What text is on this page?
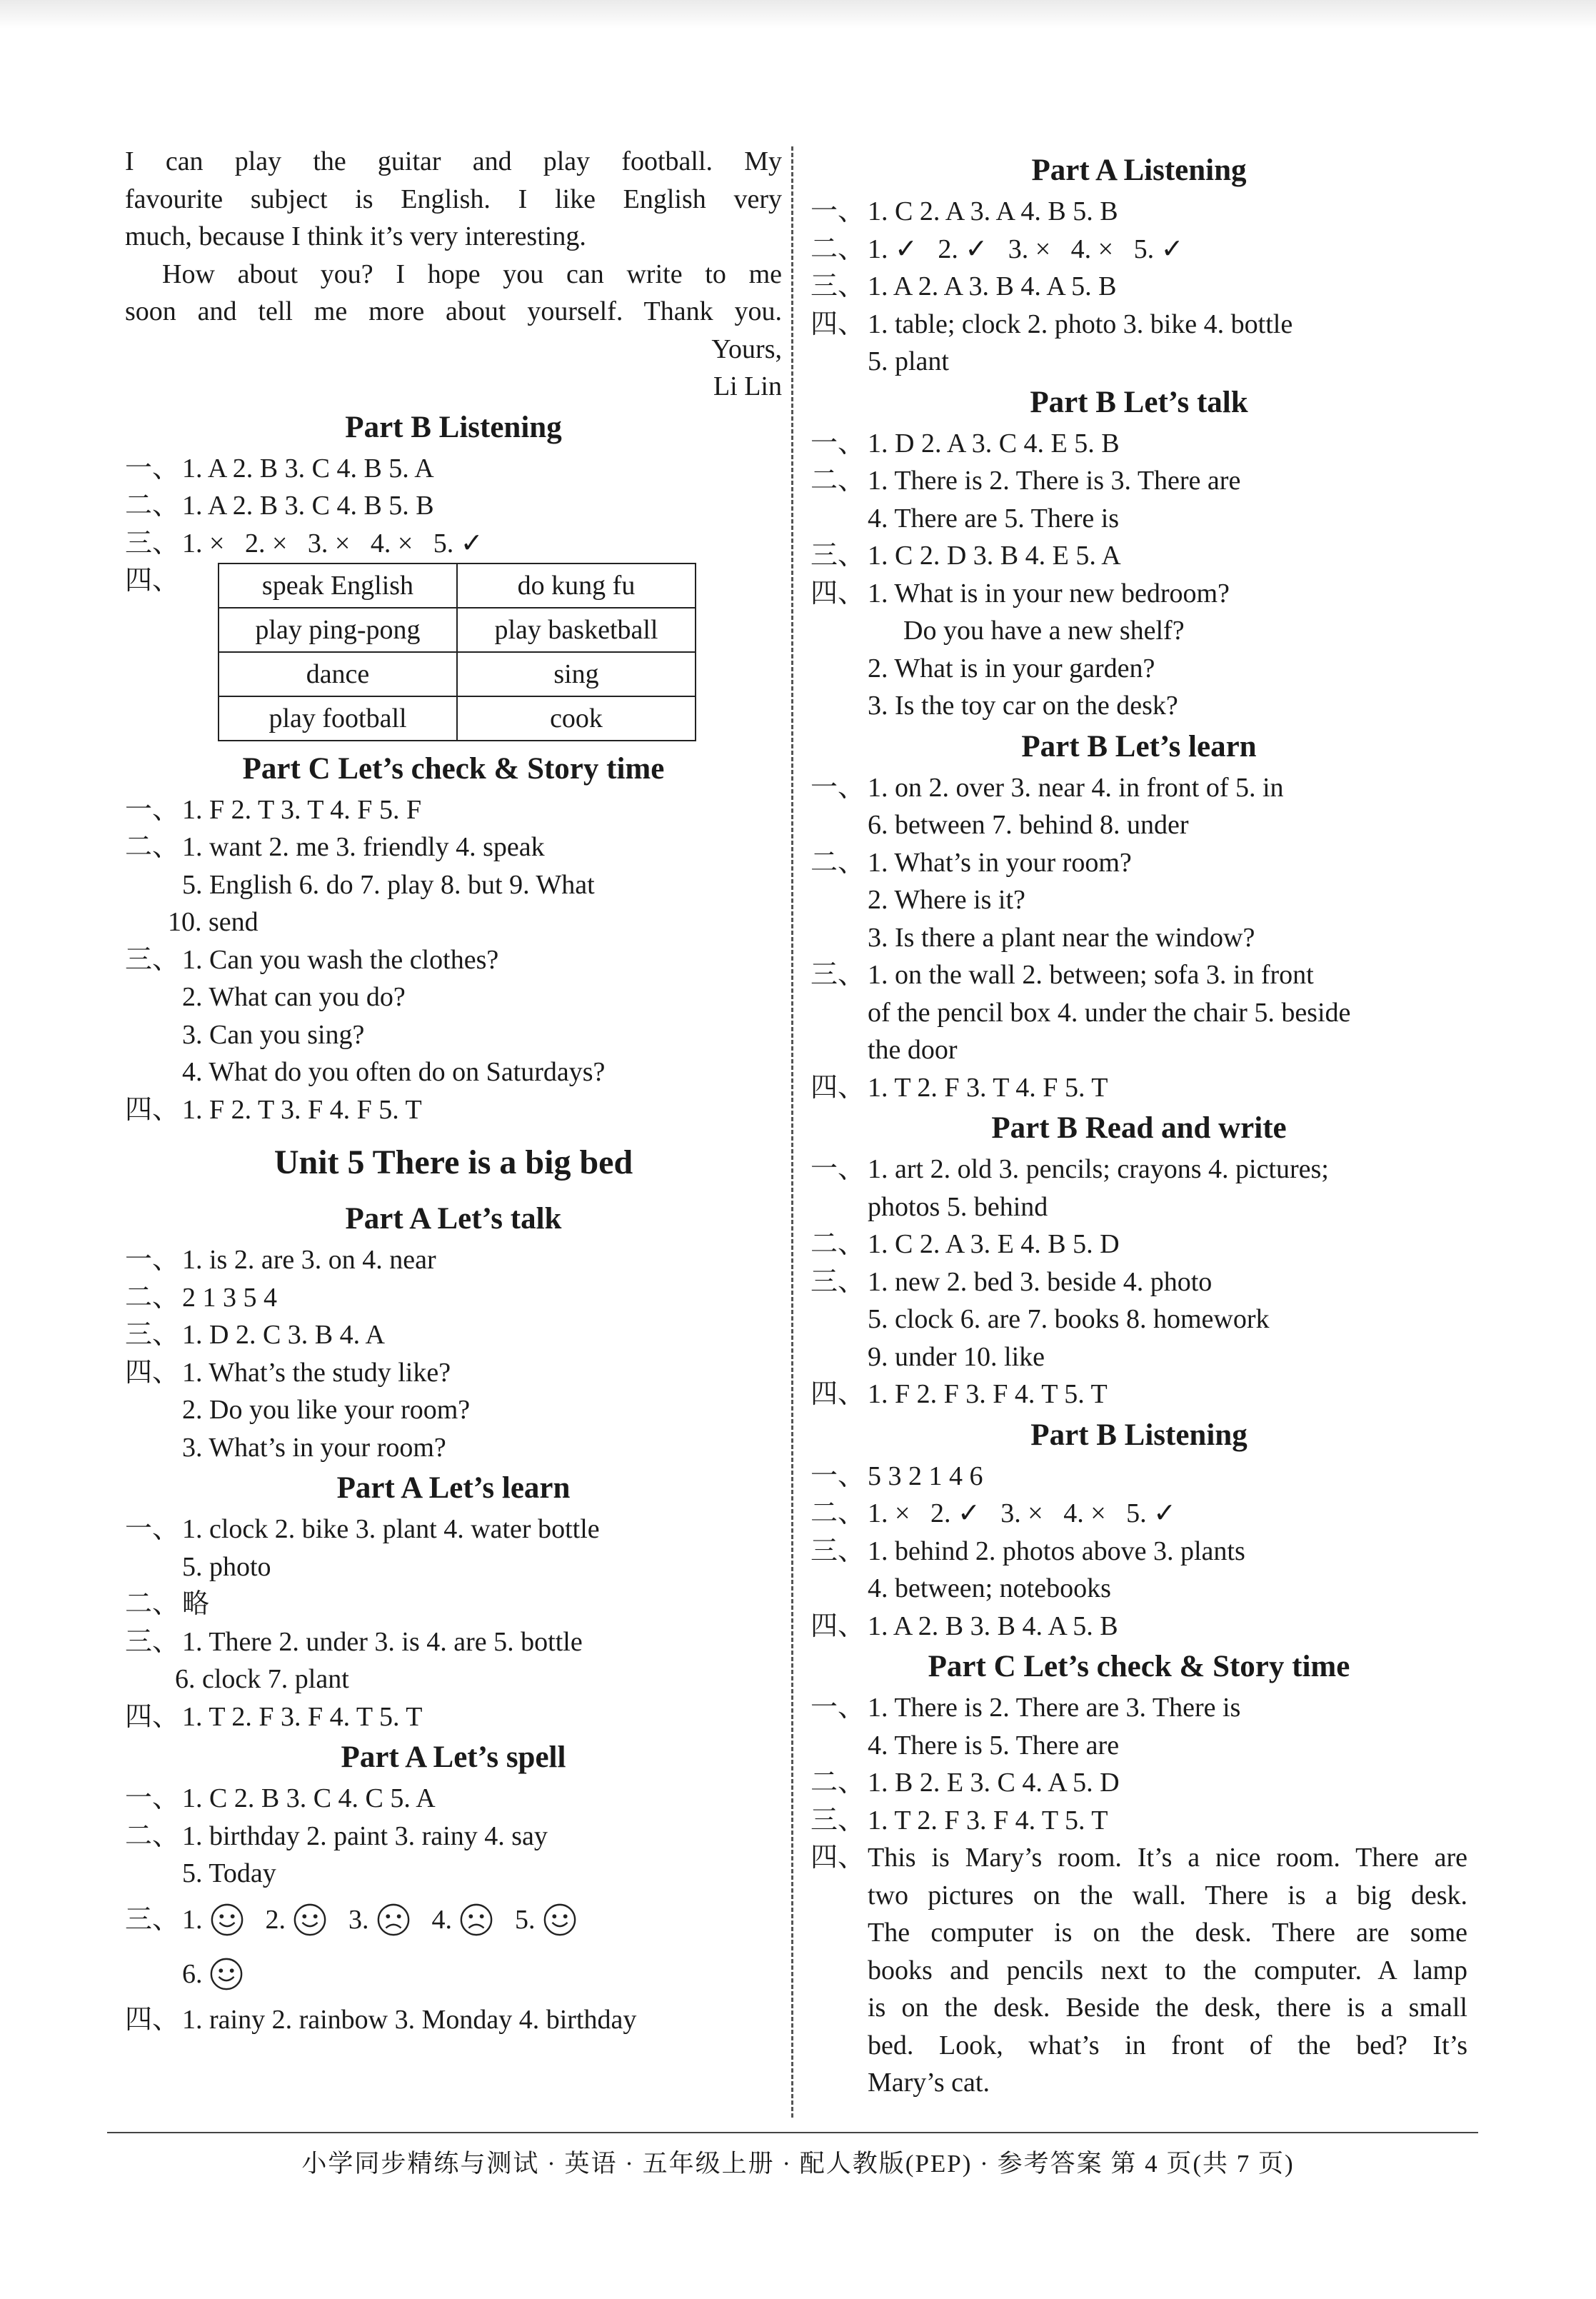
I can play the guitar and play football. My
favourite subject is English. I like English very
much, because I think it’s very interesting.
How about you? I hope you can write to me
soon and tell me more about yourself. Thank you.
Yours,
Li Lin
Part B Listening
一、 1. A 2. B 3. C 4. B 5. A
二、 1. A 2. B 3. C 4. B 5. B
三、 1. × 2. × 3. × 4. × 5. ✓
四、	speak English	do kung fu
play ping-pong	play basketball
dance	sing
play football	cook
Part C Let’s check & Story time
一、 1. F 2. T 3. T 4. F 5. F
二、 1. want 2. me 3. friendly 4. speak
5. English 6. do 7. play 8. but 9. What
10. send
三、 1. Can you wash the clothes?
2. What can you do?
3. Can you sing?
4. What do you often do on Saturdays?
四、 1. F 2. T 3. F 4. F 5. T
Unit 5 There is a big bed
Part A Let’s talk
一、 1. is 2. are 3. on 4. near
二、 2 1 3 5 4
三、 1. D 2. C 3. B 4. A
四、 1. What’s the study like?
2. Do you like your room?
3. What’s in your room?
Part A Let’s learn
一、 1. clock 2. bike 3. plant 4. water bottle
5. photo
二、 略
三、 1. There 2. under 3. is 4. are 5. bottle
6. clock 7. plant
四、 1. T 2. F 3. F 4. T 5. T
Part A Let’s spell
一、 1. C 2. B 3. C 4. C 5. A
二、 1. birthday 2. paint 3. rainy 4. say
5. Today
三、 1. 2. 3. 4. 5.
6.

四、 1. rainy 2. rainbow 3. Monday 4. birthday
Part A Listening
一、 1. C 2. A 3. A 4. B 5. B
二、 1. ✓ 2. ✓ 3. × 4. × 5. ✓
三、 1. A 2. A 3. B 4. A 5. B
四、 1. table; clock 2. photo 3. bike 4. bottle
5. plant
Part B Let’s talk
一、 1. D 2. A 3. C 4. E 5. B
二、 1. There is 2. There is 3. There are
4. There are 5. There is
三、 1. C 2. D 3. B 4. E 5. A
四、 1. What is in your new bedroom?
Do you have a new shelf?
2. What is in your garden?
3. Is the toy car on the desk?
Part B Let’s learn
一、 1. on 2. over 3. near 4. in front of 5. in
6. between 7. behind 8. under
二、 1. What’s in your room?
2. Where is it?
3. Is there a plant near the window?
三、 1. on the wall 2. between; sofa 3. in front
of the pencil box 4. under the chair 5. beside
the door
四、 1. T 2. F 3. T 4. F 5. T
Part B Read and write
一、 1. art 2. old 3. pencils; crayons 4. pictures;
photos 5. behind
二、 1. C 2. A 3. E 4. B 5. D
三、 1. new 2. bed 3. beside 4. photo
5. clock 6. are 7. books 8. homework
9. under 10. like
四、 1. F 2. F 3. F 4. T 5. T
Part B Listening
一、 5 3 2 1 4 6
二、 1. × 2. ✓ 3. × 4. × 5. ✓
三、 1. behind 2. photos above 3. plants
4. between; notebooks
四、 1. A 2. B 3. B 4. A 5. B
Part C Let’s check & Story time
一、 1. There is 2. There are 3. There is
4. There is 5. There are
二、 1. B 2. E 3. C 4. A 5. D
三、 1. T 2. F 3. F 4. T 5. T
四、 This is Mary’s room. It’s a nice room. There are
two pictures on the wall. There is a big desk.
The computer is on the desk. There are some
books and pencils next to the computer. A lamp
is on the desk. Beside the desk, there is a small
bed. Look, what’s in front of the bed? It’s
Mary’s cat.
小学同步精练与测试 · 英语 · 五年级上册 · 配人教版(PEP) · 参考答案 第 4 页(共 7 页)
